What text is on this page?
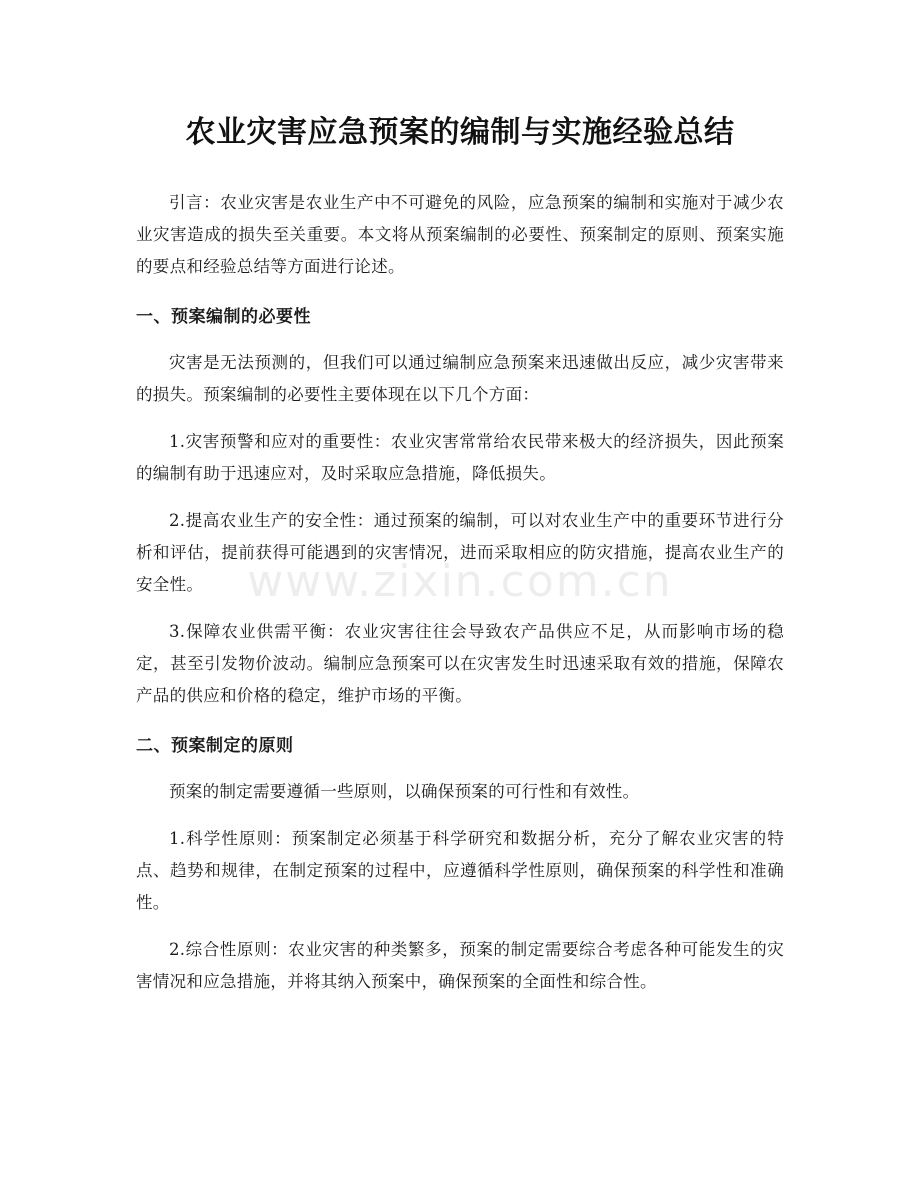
农业灾害应急预案的编制与实施经验总结

引言：农业灾害是农业生产中不可避免的风险，应急预案的编制和实施对于减少农业灾害造成的损失至关重要。本文将从预案编制的必要性、预案制定的原则、预案实施的要点和经验总结等方面进行论述。

一、预案编制的必要性

灾害是无法预测的，但我们可以通过编制应急预案来迅速做出反应，减少灾害带来的损失。预案编制的必要性主要体现在以下几个方面：

1.灾害预警和应对的重要性：农业灾害常常给农民带来极大的经济损失，因此预案的编制有助于迅速应对，及时采取应急措施，降低损失。

2.提高农业生产的安全性：通过预案的编制，可以对农业生产中的重要环节进行分析和评估，提前获得可能遇到的灾害情况，进而采取相应的防灾措施，提高农业生产的安全性。

3.保障农业供需平衡：农业灾害往往会导致农产品供应不足，从而影响市场的稳定，甚至引发物价波动。编制应急预案可以在灾害发生时迅速采取有效的措施，保障农产品的供应和价格的稳定，维护市场的平衡。

二、预案制定的原则

预案的制定需要遵循一些原则，以确保预案的可行性和有效性。

1.科学性原则：预案制定必须基于科学研究和数据分析，充分了解农业灾害的特点、趋势和规律，在制定预案的过程中，应遵循科学性原则，确保预案的科学性和准确性。

2.综合性原则：农业灾害的种类繁多，预案的制定需要综合考虑各种可能发生的灾害情况和应急措施，并将其纳入预案中，确保预案的全面性和综合性。

www.zixin.com.cn
